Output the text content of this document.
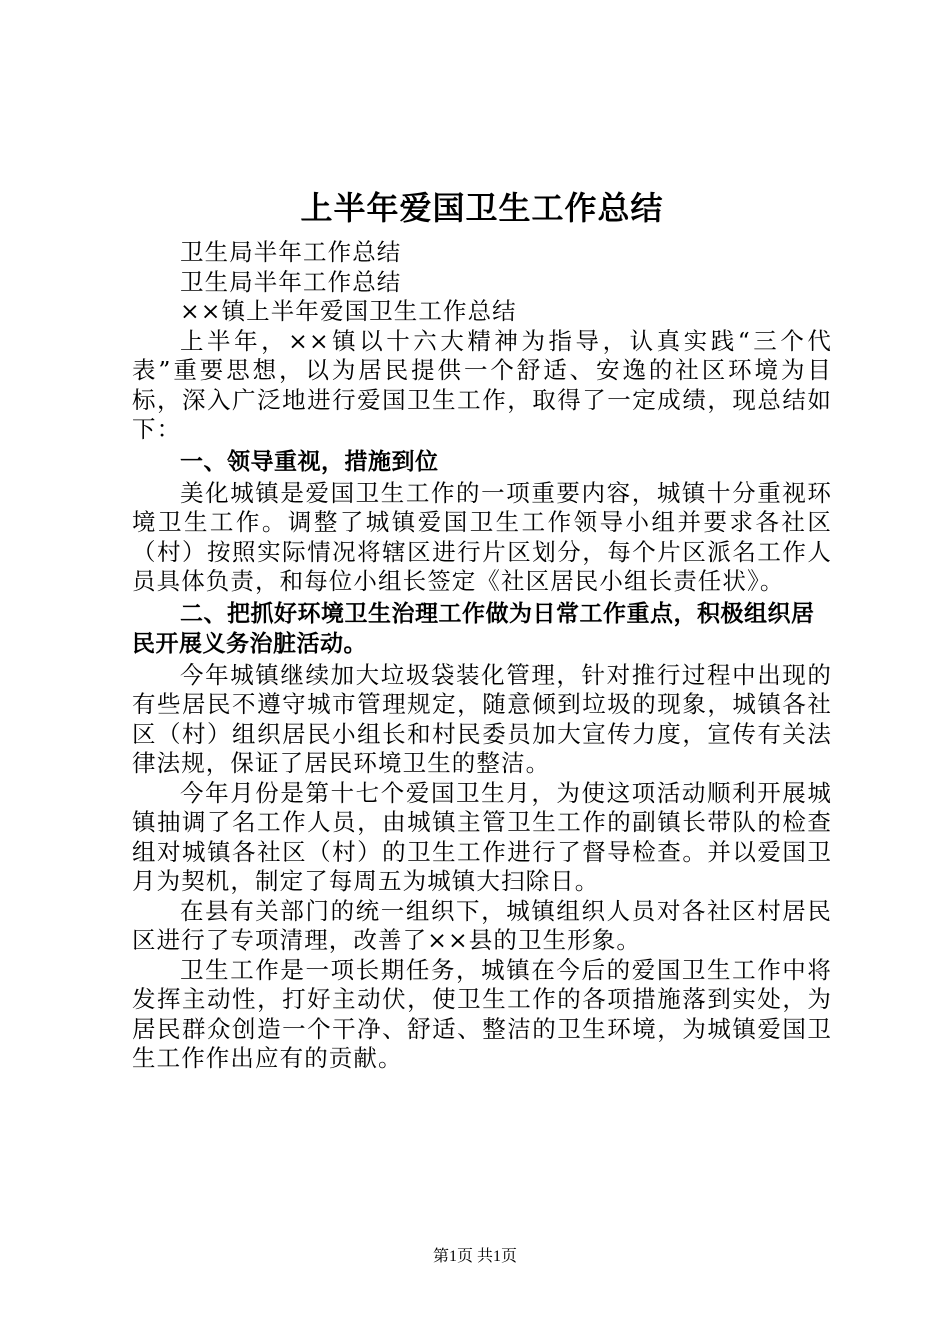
上半年爱国卫生工作总结

卫生局半年工作总结

卫生局半年工作总结

××镇上半年爱国卫生工作总结

上半年，××镇以十六大精神为指导，认真实践“三个代表”重要思想，以为居民提供一个舒适、安逸的社区环境为目标，深入广泛地进行爱国卫生工作，取得了一定成绩，现总结如下：

一、领导重视，措施到位

美化城镇是爱国卫生工作的一项重要内容，城镇十分重视环境卫生工作。调整了城镇爱国卫生工作领导小组并要求各社区（村）按照实际情况将辖区进行片区划分，每个片区派名工作人员具体负责，和每位小组长签定《社区居民小组长责任状》。

二、把抓好环境卫生治理工作做为日常工作重点，积极组织居民开展义务治脏活动。

今年城镇继续加大垃圾袋装化管理，针对推行过程中出现的有些居民不遵守城市管理规定，随意倾到垃圾的现象，城镇各社区（村）组织居民小组长和村民委员加大宣传力度，宣传有关法律法规，保证了居民环境卫生的整洁。

今年月份是第十七个爱国卫生月，为使这项活动顺利开展城镇抽调了名工作人员，由城镇主管卫生工作的副镇长带队的检查组对城镇各社区（村）的卫生工作进行了督导检查。并以爱国卫月为契机，制定了每周五为城镇大扫除日。

在县有关部门的统一组织下，城镇组织人员对各社区村居民区进行了专项清理，改善了××县的卫生形象。

卫生工作是一项长期任务，城镇在今后的爱国卫生工作中将发挥主动性，打好主动伏，使卫生工作的各项措施落到实处，为居民群众创造一个干净、舒适、整洁的卫生环境，为城镇爱国卫生工作作出应有的贡献。

第1页 共1页
